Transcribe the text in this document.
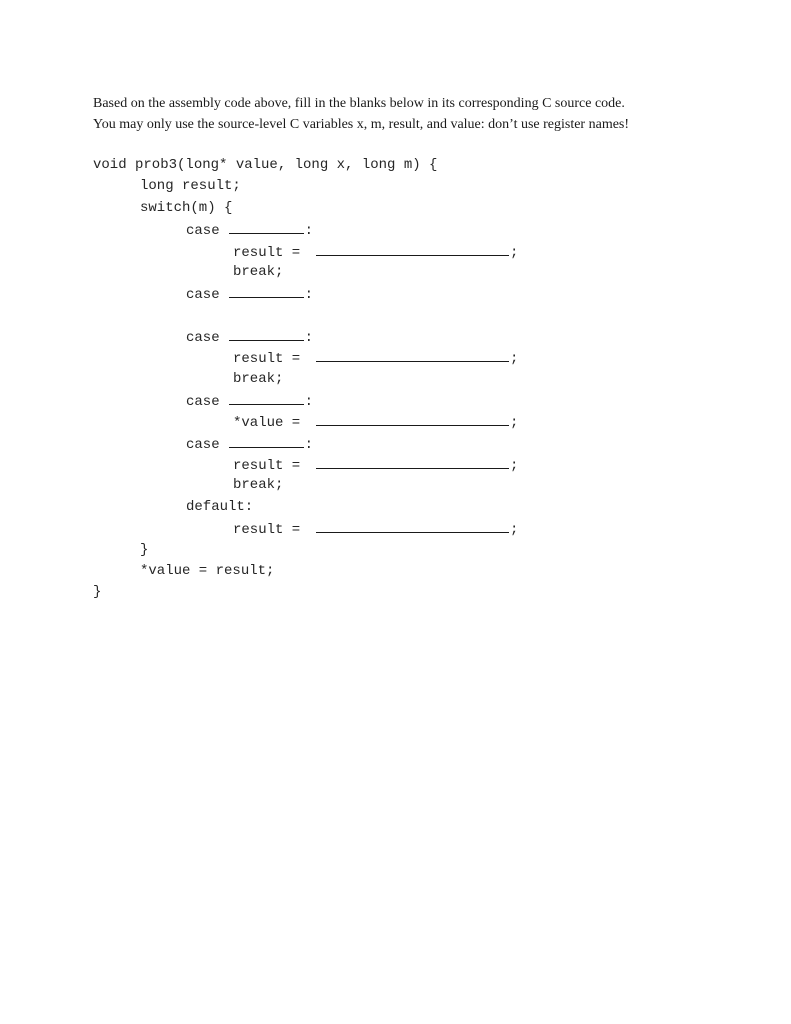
Based on the assembly code above, fill in the blanks below in its corresponding C source code.
You may only use the source-level C variables x, m, result, and value: don’t use register names!
void prob3(long* value, long x, long m) {
long result;
switch(m) {
case	:
result =	;
break;
case	:
case	:
result =	;
break;
case	:
*value =	;
case	:
result =	;
break;
default:
result =	;
}
*value = result;
}
